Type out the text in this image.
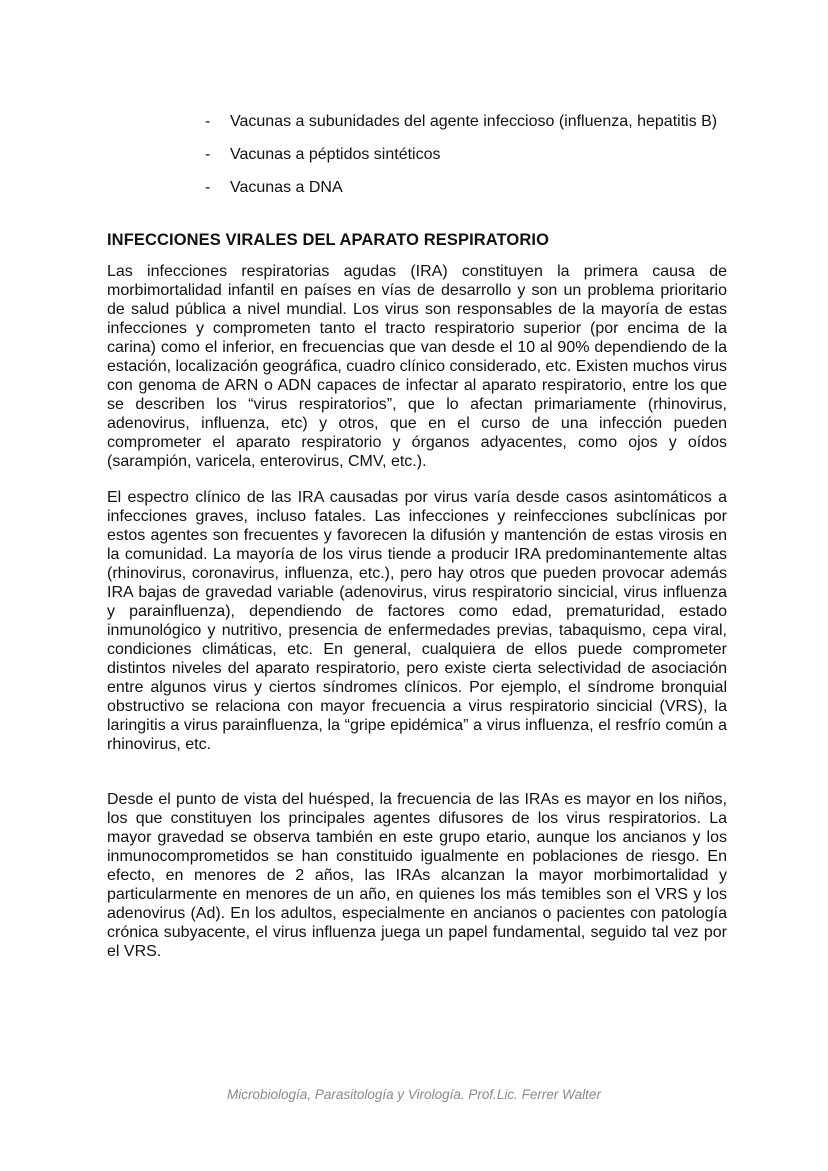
-	Vacunas a subunidades del agente infeccioso (influenza, hepatitis B)
-	Vacunas a péptidos sintéticos
-	Vacunas a DNA
INFECCIONES VIRALES DEL APARATO RESPIRATORIO

Las infecciones respiratorias agudas (IRA) constituyen la primera causa de morbimortalidad infantil en países en vías de desarrollo y son un problema prioritario de salud pública a nivel mundial. Los virus son responsables de la mayoría de estas infecciones y comprometen tanto el tracto respiratorio superior (por encima de la carina) como el inferior, en frecuencias que van desde el 10 al 90% dependiendo de la estación, localización geográfica, cuadro clínico considerado, etc. Existen muchos virus con genoma de ARN o ADN capaces de infectar al aparato respiratorio, entre los que se describen los “virus respiratorios”, que lo afectan primariamente (rhinovirus, adenovirus, influenza, etc) y otros, que en el curso de una infección pueden comprometer el aparato respiratorio y órganos adyacentes, como ojos y oídos (sarampión, varicela, enterovirus, CMV, etc.).

El espectro clínico de las IRA causadas por virus varía desde casos asintomáticos a infecciones graves, incluso fatales. Las infecciones y reinfecciones subclínicas por estos agentes son frecuentes y favorecen la difusión y mantención de estas virosis en la comunidad. La mayoría de los virus tiende a producir IRA predominantemente altas (rhinovirus, coronavirus, influenza, etc.), pero hay otros que pueden provocar además IRA bajas de gravedad variable (adenovirus, virus respiratorio sincicial, virus influenza y parainfluenza), dependiendo de factores como edad, prematuridad, estado inmunológico y nutritivo, presencia de enfermedades previas, tabaquismo, cepa viral, condiciones climáticas, etc. En general, cualquiera de ellos puede comprometer distintos niveles del aparato respiratorio, pero existe cierta selectividad de asociación entre algunos virus y ciertos síndromes clínicos. Por ejemplo, el síndrome bronquial obstructivo se relaciona con mayor frecuencia a virus respiratorio sincicial (VRS), la laringitis a virus parainfluenza, la “gripe epidémica” a virus influenza, el resfrío común a rhinovirus, etc.

Desde el punto de vista del huésped, la frecuencia de las IRAs es mayor en los niños, los que constituyen los principales agentes difusores de los virus respiratorios. La mayor gravedad se observa también en este grupo etario, aunque los ancianos y los inmunocomprometidos se han constituido igualmente en poblaciones de riesgo. En efecto, en menores de 2 años, las IRAs alcanzan la mayor morbimortalidad y particularmente en menores de un año, en quienes los más temibles son el VRS y los adenovirus (Ad). En los adultos, especialmente en ancianos o pacientes con patología crónica subyacente, el virus influenza juega un papel fundamental, seguido tal vez por el VRS.

Microbiología, Parasitología y Virología. Prof.Lic. Ferrer Walter
